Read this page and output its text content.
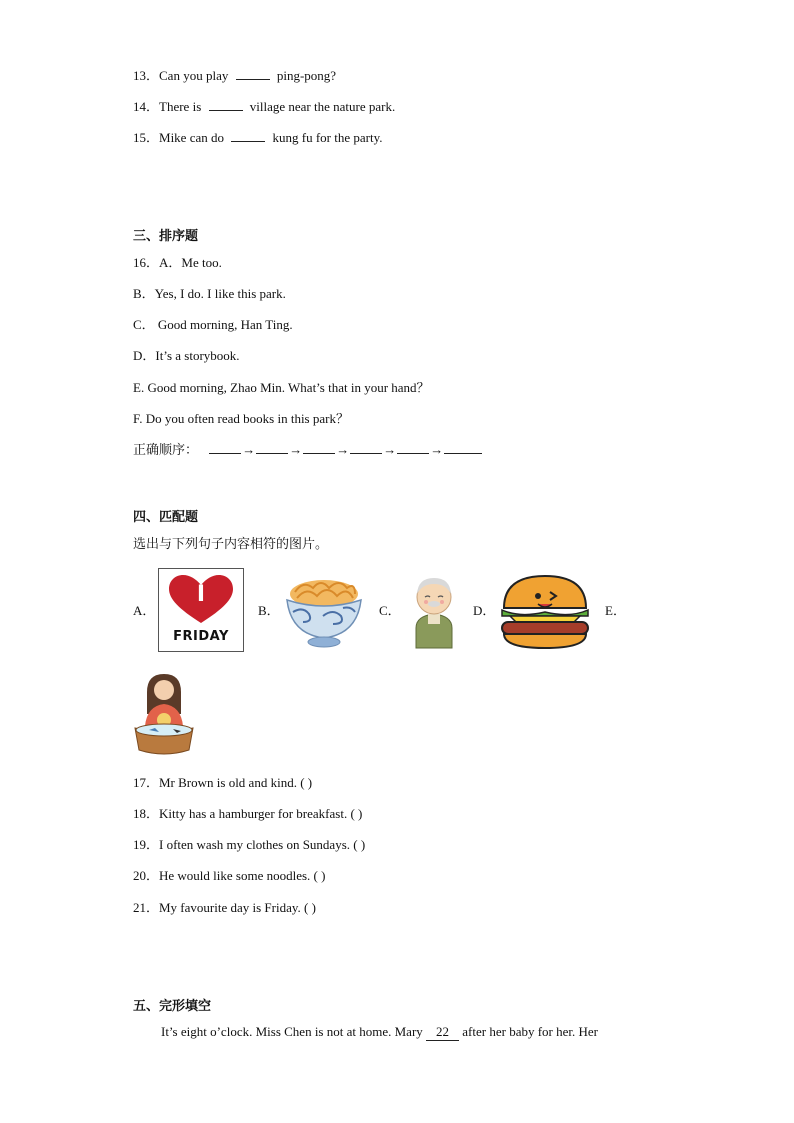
13．Can you play	ping-pong?
14．There is	village near the nature park.
15．Mike can do	kung fu for the party.
三、排序题
16．A．Me too.
B．Yes, I do. I like this park.
C． Good morning, Han Ting.
D．It’s a storybook.
E. Good morning, Zhao Min. What’s that in your hand？
F. Do you often read books in this park？
正确顺序：	→	→	→	→	→
四、匹配题
选出与下列句子内容相符的图片。
A．	B．	C．	D．	E．
I
FRIDAY
17．Mr Brown is old and kind. ( )
18．Kitty has a hamburger for breakfast. ( )
19．I often wash my clothes on Sundays. ( )
20．He would like some noodles. ( )
21．My favourite day is Friday. ( )
五、完形填空
It’s eight o’clock. Miss Chen is not at home. Mary 22 after her baby for her. Her
